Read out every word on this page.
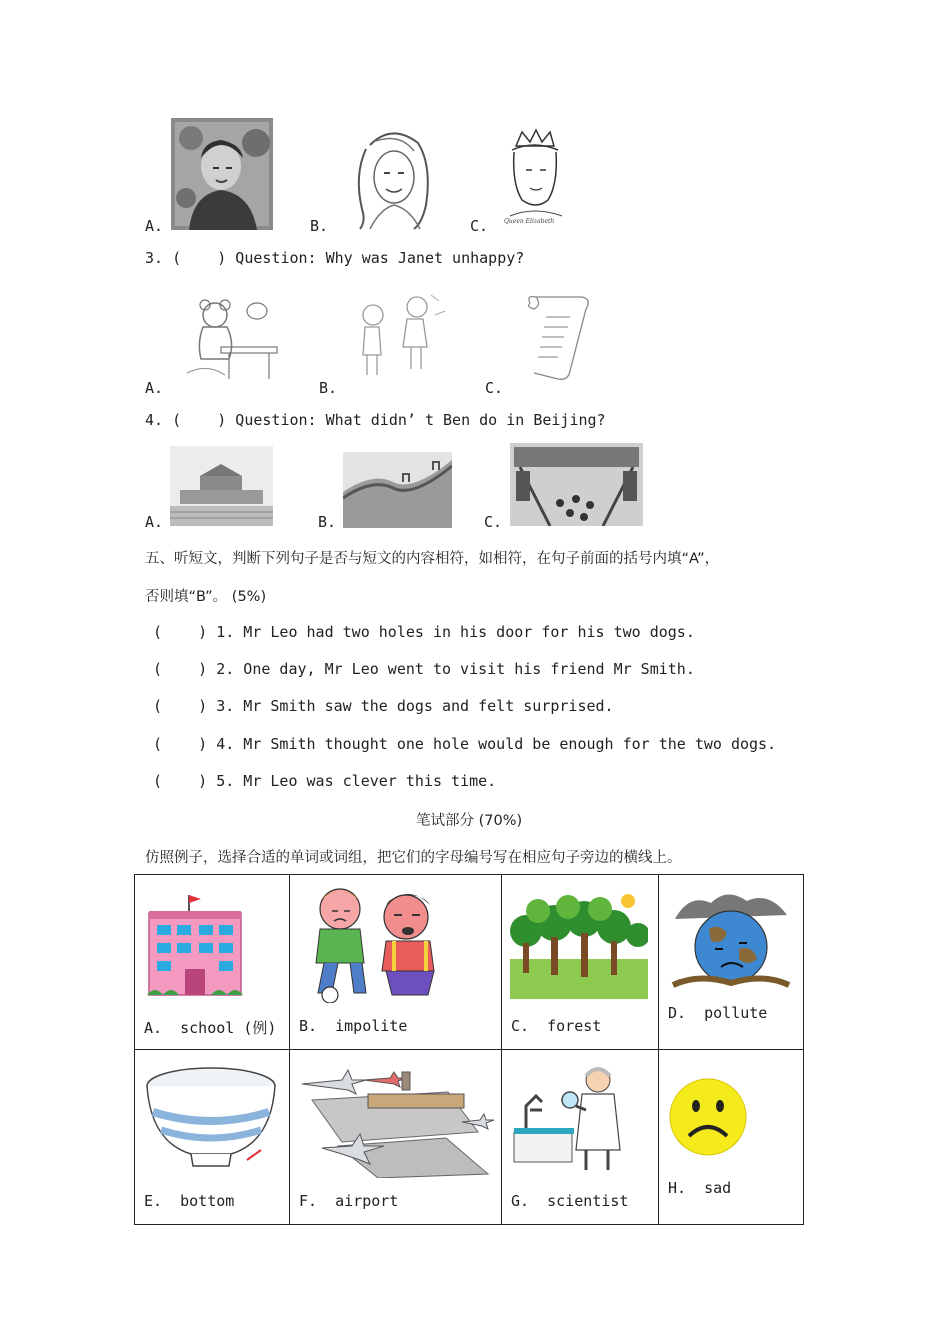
A.	B.	Queen Elizabeth
C.
3. (    ) Question: Why was Janet unhappy?
A.	B.	C.
4. (    ) Question: What didn’ t Ben do in Beijing?
A.	B.	C.
五、听短文，判断下列句子是否与短文的内容相符，如相符，在句子前面的括号内填“A”，
否则填“B”。 (5%)
(    ) 1. Mr Leo had two holes in his door for his two dogs.
(    ) 2. One day, Mr Leo went to visit his friend Mr Smith.
(    ) 3. Mr Smith saw the dogs and felt surprised.
(    ) 4. Mr Smith thought one hole would be enough for the two dogs.
(    ) 5. Mr Leo was clever this time.
笔试部分 (70%)
仿照例子，选择合适的单词或词组，把它们的字母编号写在相应句子旁边的横线上。
A.  school (例)	B.  impolite	C.  forest	D.  pollute

E.  bottom	F.  airport	G.  scientist	H.  sad
